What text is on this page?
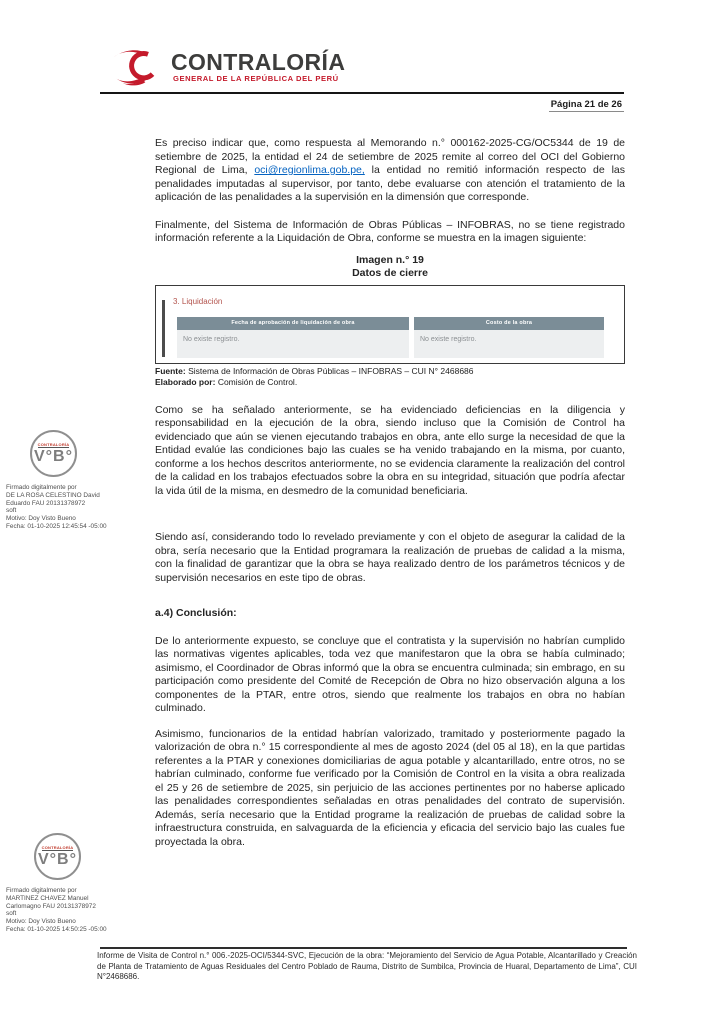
CONTRALORÍA
GENERAL DE LA REPÚBLICA DEL PERÚ
Página 21 de 26

Es preciso indicar que, como respuesta al Memorando n.° 000162-2025-CG/OC5344 de 19 de setiembre de 2025, la entidad el 24 de setiembre de 2025 remite al correo del OCI del Gobierno Regional de Lima, oci@regionlima.gob.pe, la entidad no remitió información respecto de las penalidades imputadas al supervisor, por tanto, debe evaluarse con atención el tratamiento de la aplicación de las penalidades a la supervisión en la dimensión que corresponde.

Finalmente, del Sistema de Información de Obras Públicas – INFOBRAS, no se tiene registrado información referente a la Liquidación de Obra, conforme se muestra en la imagen siguiente:

Imagen n.° 19
Datos de cierre
3. Liquidación
Fecha de aprobación de liquidación de obra
No existe registro.
Costo de la obra
No existe registro.
Fuente: Sistema de Información de Obras Públicas – INFOBRAS – CUI N° 2468686
Elaborado por: Comisión de Control.

Como se ha señalado anteriormente, se ha evidenciado deficiencias en la diligencia y responsabilidad en la ejecución de la obra, siendo incluso que la Comisión de Control ha evidenciado que aún se vienen ejecutando trabajos en obra, ante ello surge la necesidad de que la Entidad evalúe las condiciones bajo las cuales se ha venido trabajando en la misma, por cuanto, conforme a los hechos descritos anteriormente, no se evidencia claramente la realización del control de la calidad en los trabajos efectuados sobre la obra en su integridad, situación que podría afectar la vida útil de la misma, en desmedro de la comunidad beneficiaria.

Siendo así, considerando todo lo revelado previamente y con el objeto de asegurar la calidad de la obra, sería necesario que la Entidad programara la realización de pruebas de calidad a la misma, con la finalidad de garantizar que la obra se haya realizado dentro de los parámetros técnicos y de supervisión necesarios en este tipo de obras.

a.4) Conclusión:

De lo anteriormente expuesto, se concluye que el contratista y la supervisión no habrían cumplido las normativas vigentes aplicables, toda vez que manifestaron que la obra se había culminado; asimismo, el Coordinador de Obras informó que la obra se encuentra culminada; sin embrago, en su participación como presidente del Comité de Recepción de Obra no hizo observación alguna a los componentes de la PTAR, entre otros, siendo que realmente los trabajos en obra no habían culminado.

Asimismo, funcionarios de la entidad habrían valorizado, tramitado y posteriormente pagado la valorización de obra n.° 15 correspondiente al mes de agosto 2024 (del 05 al 18), en la que partidas referentes a la PTAR y conexiones domiciliarias de agua potable y alcantarillado, entre otros, no se habrían culminado, conforme fue verificado por la Comisión de Control en la visita a obra realizada el 25 y 26 de setiembre de 2025, sin perjuicio de las acciones pertinentes por no haberse aplicado las penalidades correspondientes señaladas en otras penalidades del contrato de supervisión. Además, sería necesario que la Entidad programe la realización de pruebas de calidad sobre la infraestructura construida, en salvaguarda de la eficiencia y eficacia del servicio bajo las cuales fue proyectada la obra.

CONTRALORÍA
V°B°
Firmado digitalmente por
DE LA ROSA CELESTINO David
Eduardo FAU 20131378972
soft
Motivo: Doy Visto Bueno
Fecha: 01-10-2025 12:45:54 -05:00
CONTRALORÍA
V°B°
Firmado digitalmente por
MARTINEZ CHAVEZ Manuel
Carlomagno FAU 20131378972
soft
Motivo: Doy Visto Bueno
Fecha: 01-10-2025 14:50:25 -05:00
Informe de Visita de Control n.° 006.-2025-OCI/5344-SVC, Ejecución de la obra: “Mejoramiento del Servicio de Agua Potable, Alcantarillado y Creación de Planta de Tratamiento de Aguas Residuales del Centro Poblado de Rauma, Distrito de Sumbilca, Provincia de Huaral, Departamento de Lima”, CUI N°2468686.
